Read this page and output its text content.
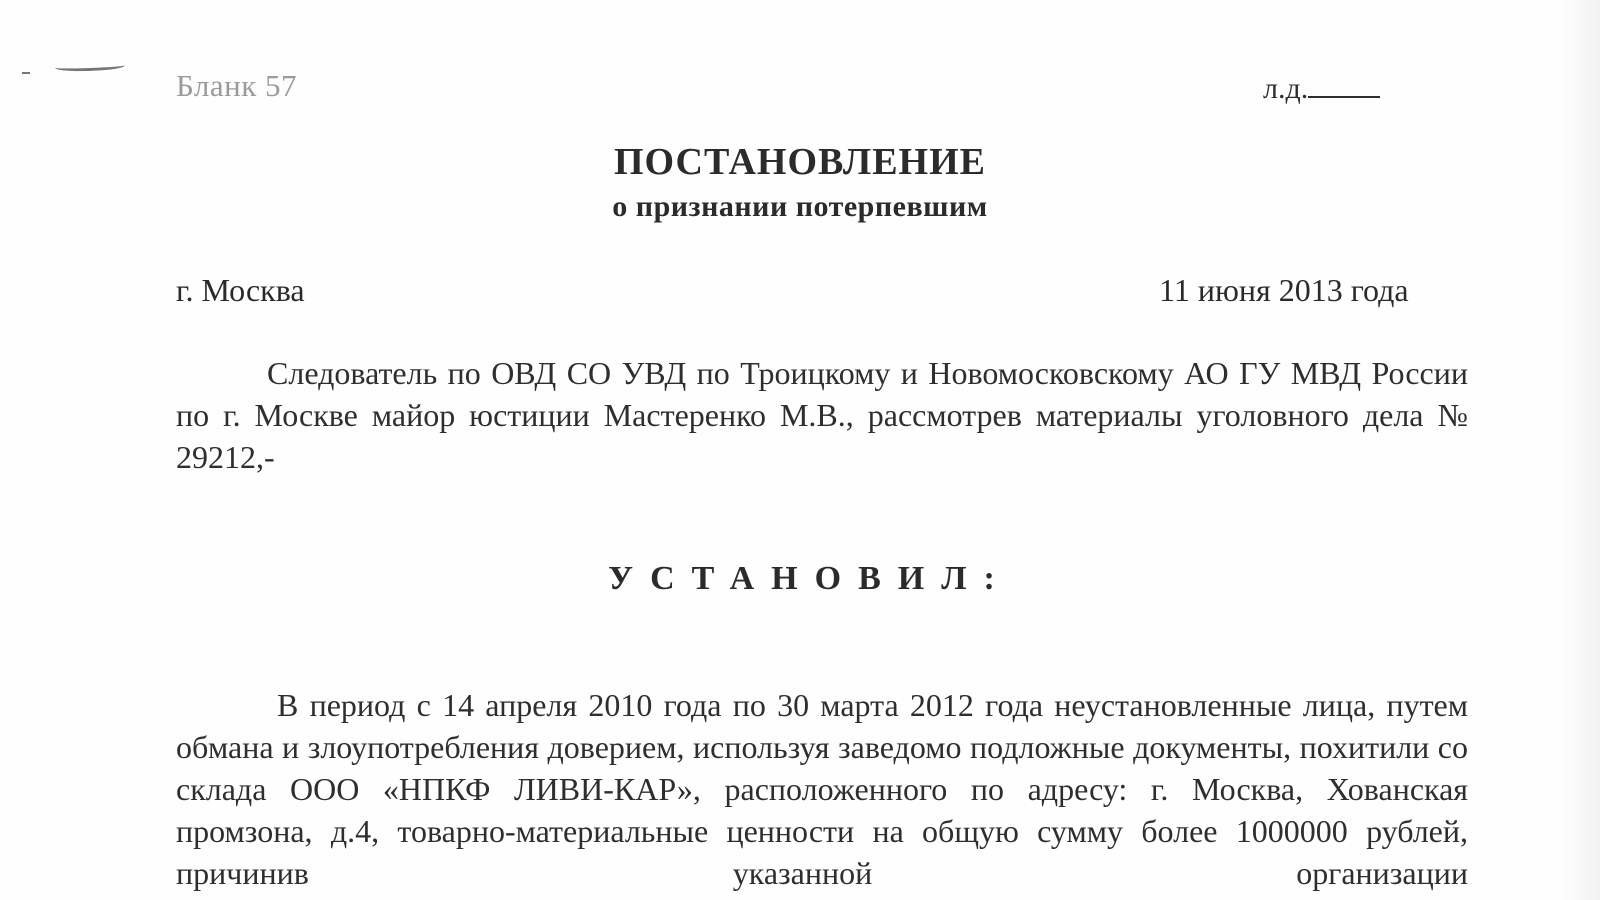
Бланк 57	л.д.
ПОСТАНОВЛЕНИЕ
о признании потерпевшим
г. Москва	11 июня 2013 года
Следователь по ОВД СО УВД по Троицкому и Новомосковскому АО ГУ МВД России по г. Москве майор юстиции Мастеренко М.В., рассмотрев материалы уголовного дела № 29212,-
УСТАНОВИЛ:
В период с 14 апреля 2010 года по 30 марта 2012 года неустановленные лица, путем обмана и злоупотребления доверием, используя заведомо подложные документы, похитили со склада ООО «НПКФ ЛИВИ-КАР», расположенного по адресу: г. Москва, Хованская промзона, д.4, товарно-материальные ценности на общую сумму более 1000000 рублей, причинив указанной организации
